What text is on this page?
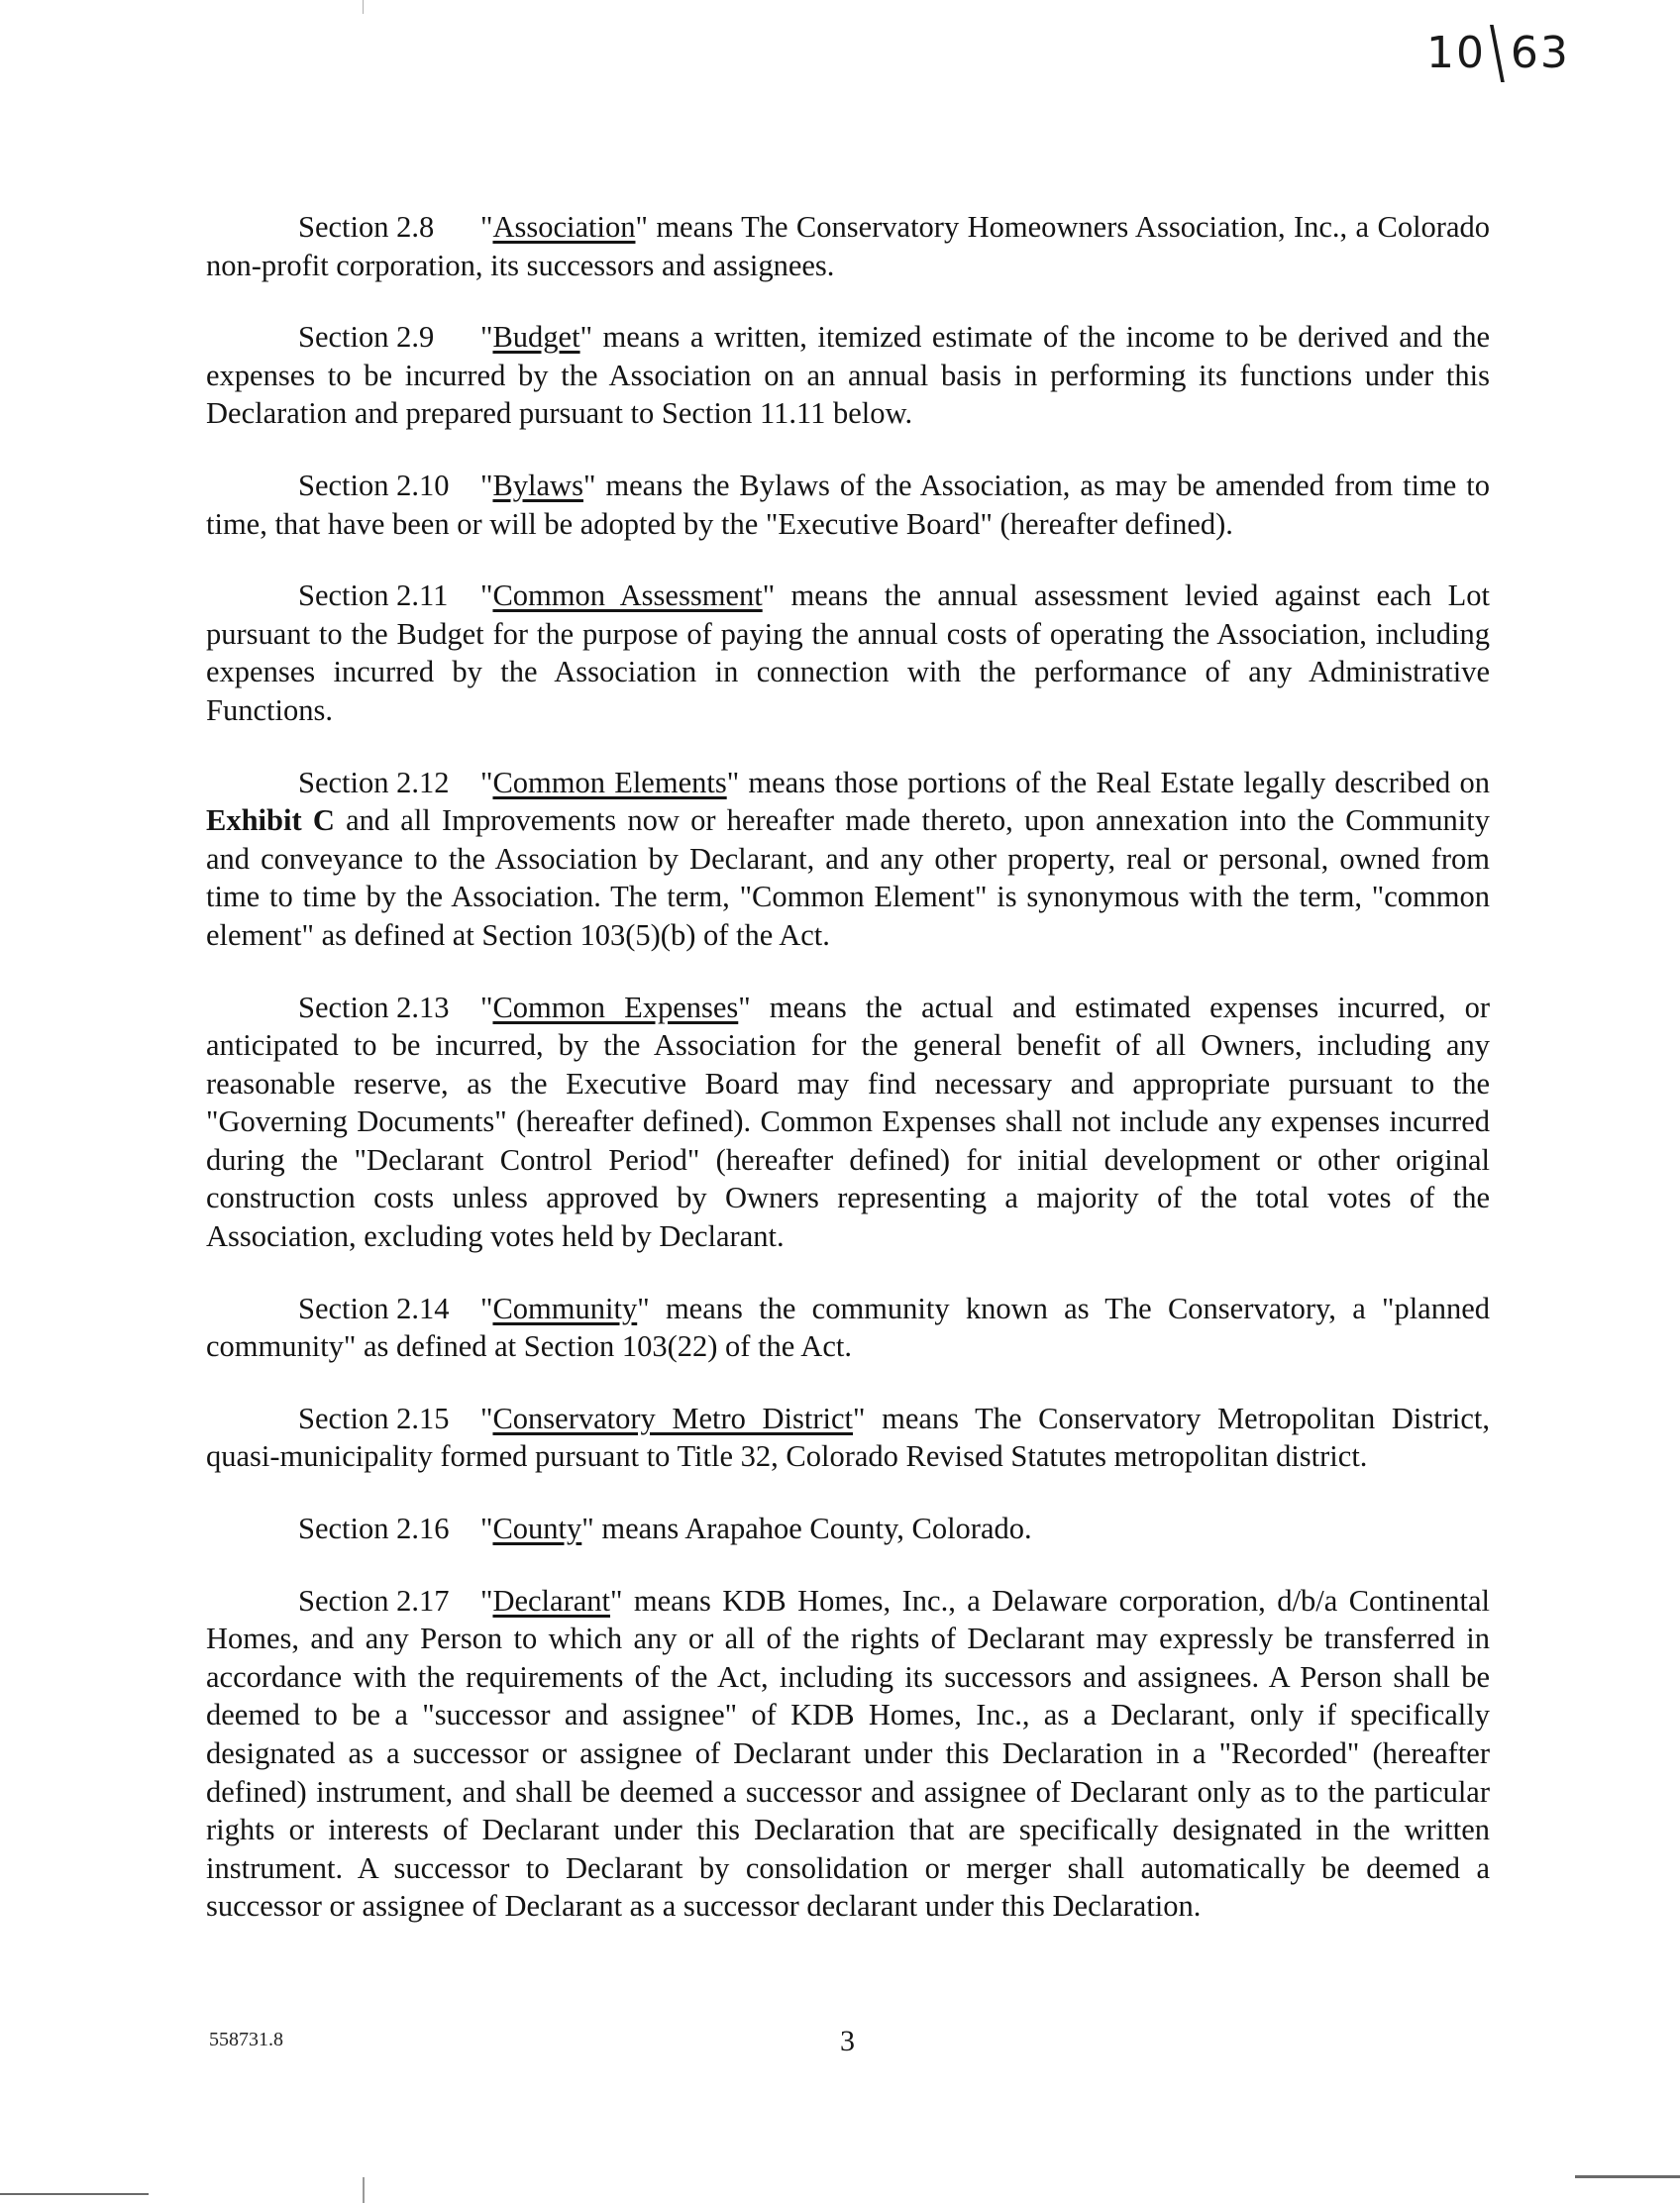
10\63

Section 2.8 "Association" means The Conservatory Homeowners Association, Inc., a Colorado non-profit corporation, its successors and assignees.

Section 2.9 "Budget" means a written, itemized estimate of the income to be derived and the expenses to be incurred by the Association on an annual basis in performing its functions under this Declaration and prepared pursuant to Section 11.11 below.

Section 2.10 "Bylaws" means the Bylaws of the Association, as may be amended from time to time, that have been or will be adopted by the "Executive Board" (hereafter defined).

Section 2.11 "Common Assessment" means the annual assessment levied against each Lot pursuant to the Budget for the purpose of paying the annual costs of operating the Association, including expenses incurred by the Association in connection with the performance of any Administrative Functions.

Section 2.12 "Common Elements" means those portions of the Real Estate legally described on Exhibit C and all Improvements now or hereafter made thereto, upon annexation into the Community and conveyance to the Association by Declarant, and any other property, real or personal, owned from time to time by the Association. The term, "Common Element" is synonymous with the term, "common element" as defined at Section 103(5)(b) of the Act.

Section 2.13 "Common Expenses" means the actual and estimated expenses incurred, or anticipated to be incurred, by the Association for the general benefit of all Owners, including any reasonable reserve, as the Executive Board may find necessary and appropriate pursuant to the "Governing Documents" (hereafter defined). Common Expenses shall not include any expenses incurred during the "Declarant Control Period" (hereafter defined) for initial development or other original construction costs unless approved by Owners representing a majority of the total votes of the Association, excluding votes held by Declarant.

Section 2.14 "Community" means the community known as The Conservatory, a "planned community" as defined at Section 103(22) of the Act.

Section 2.15 "Conservatory Metro District" means The Conservatory Metropolitan District, quasi-municipality formed pursuant to Title 32, Colorado Revised Statutes metropolitan district.

Section 2.16 "County" means Arapahoe County, Colorado.

Section 2.17 "Declarant" means KDB Homes, Inc., a Delaware corporation, d/b/a Continental Homes, and any Person to which any or all of the rights of Declarant may expressly be transferred in accordance with the requirements of the Act, including its successors and assignees. A Person shall be deemed to be a "successor and assignee" of KDB Homes, Inc., as a Declarant, only if specifically designated as a successor or assignee of Declarant under this Declaration in a "Recorded" (hereafter defined) instrument, and shall be deemed a successor and assignee of Declarant only as to the particular rights or interests of Declarant under this Declaration that are specifically designated in the written instrument. A successor to Declarant by consolidation or merger shall automatically be deemed a successor or assignee of Declarant as a successor declarant under this Declaration.

558731.8	3
